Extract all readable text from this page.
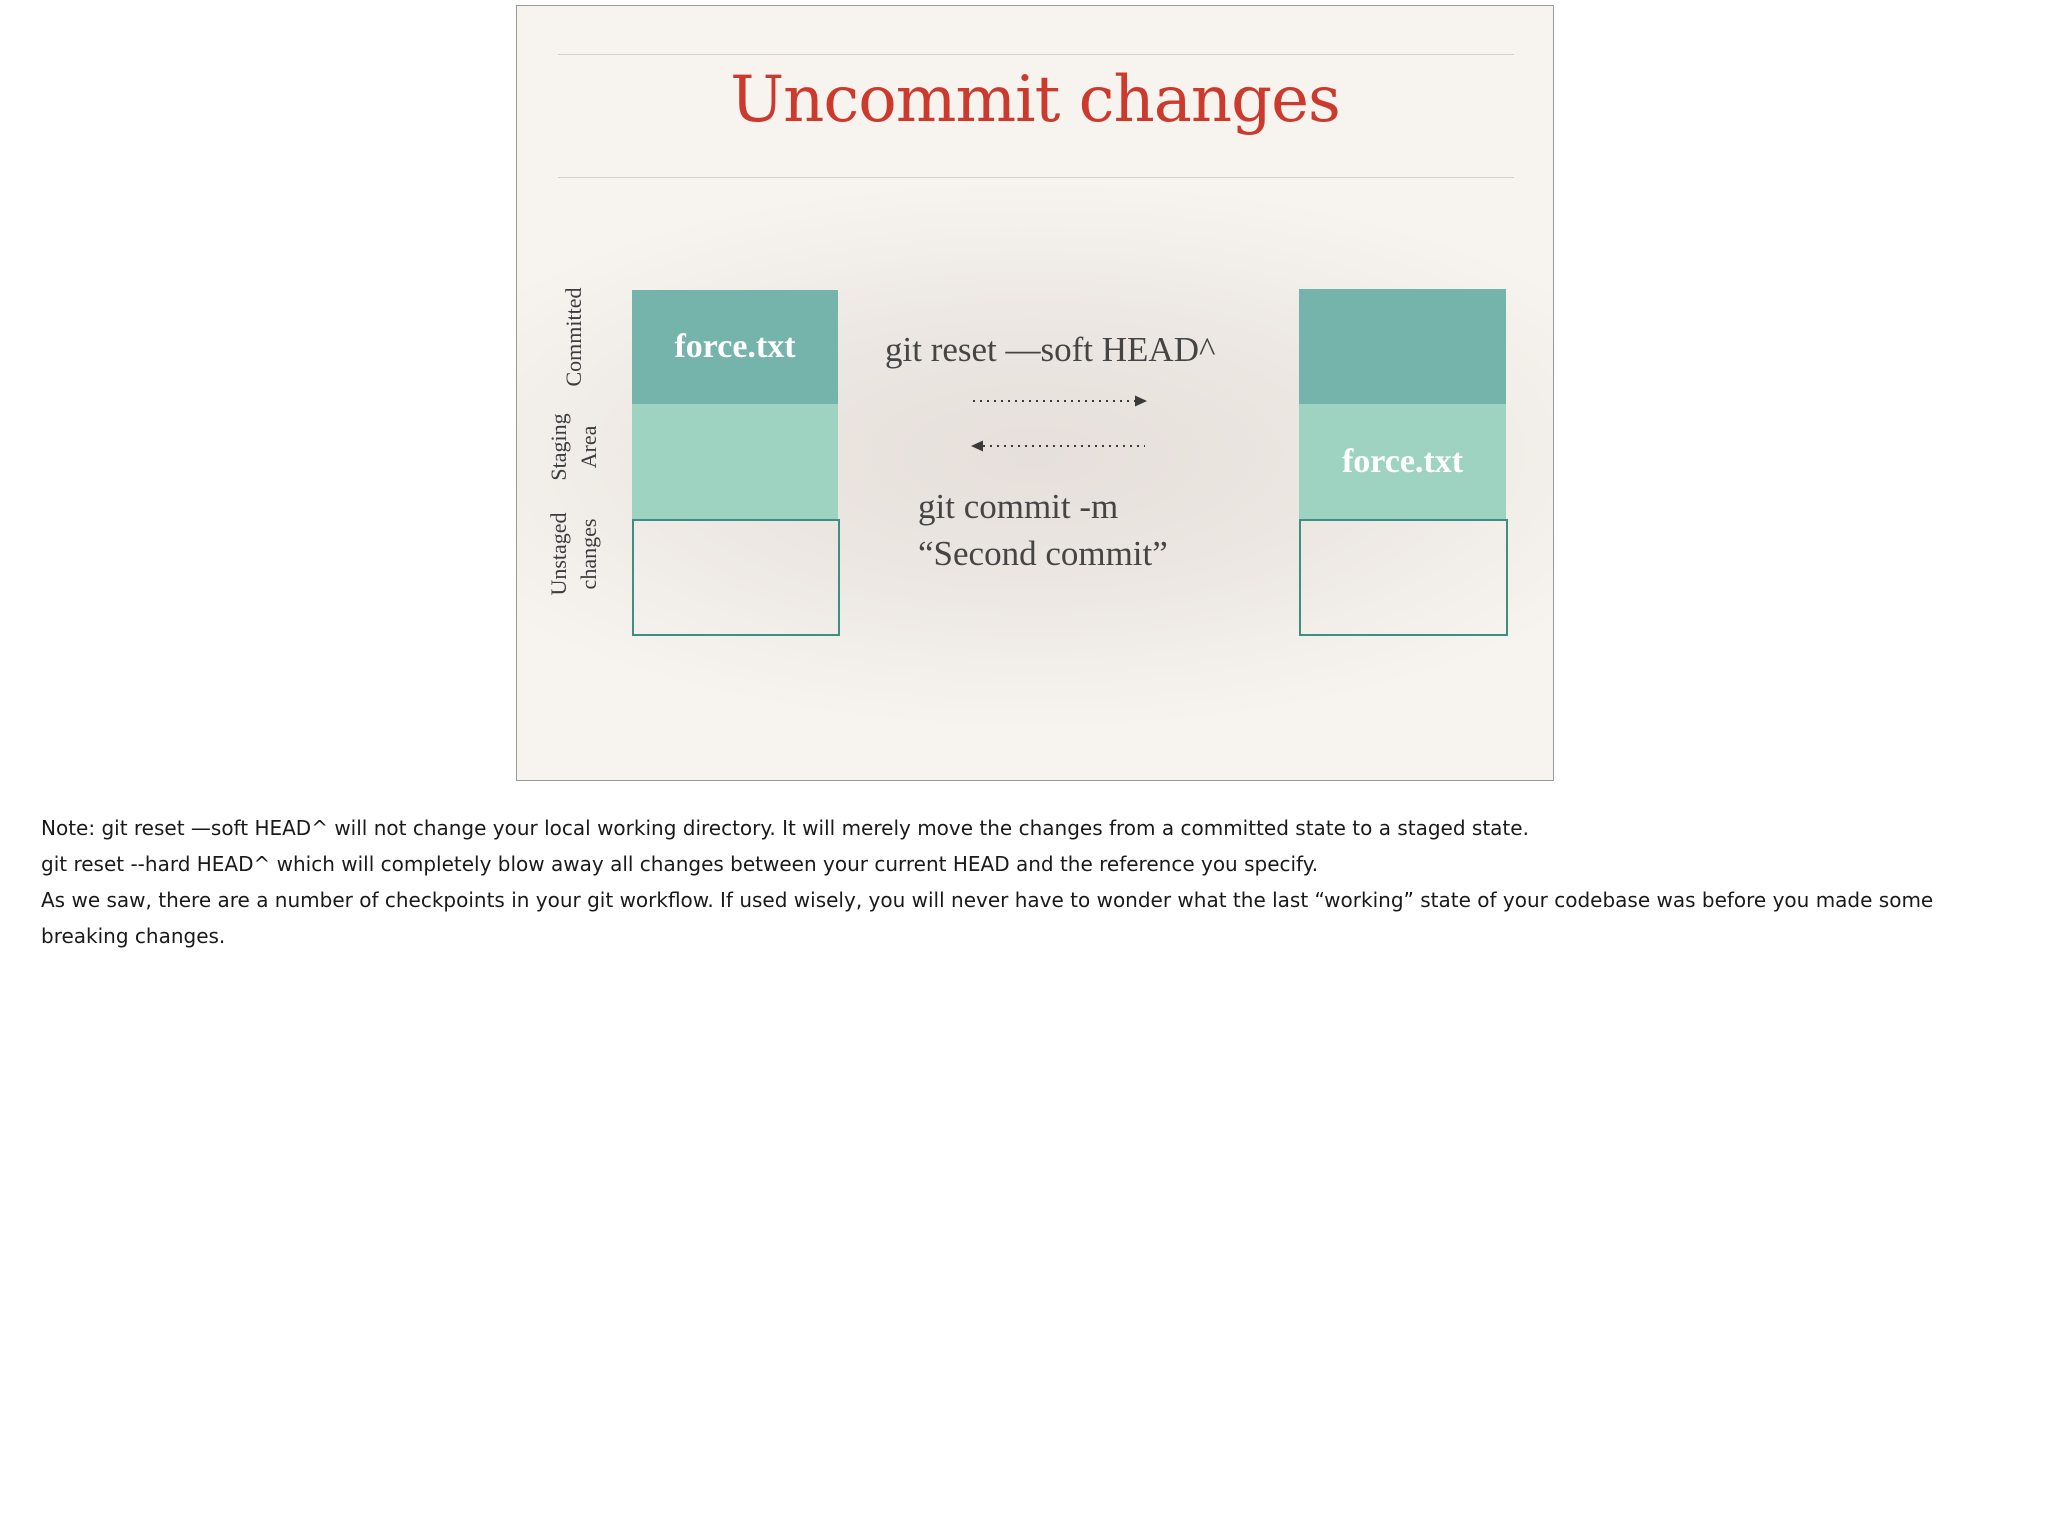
Uncommit changes
Committed
Staging Area
Unstaged changes
force.txt
force.txt
git reset —soft HEAD^
git commit -m
“Second commit”

Note: git reset —soft HEAD^ will not change your local working directory. It will merely move the changes from a committed state to a staged state.

git reset --hard HEAD^ which will completely blow away all changes between your current HEAD and the reference you specify.

As we saw, there are a number of checkpoints in your git workflow. If used wisely, you will never have to wonder what the last “working” state of your codebase was before you made some breaking changes.
